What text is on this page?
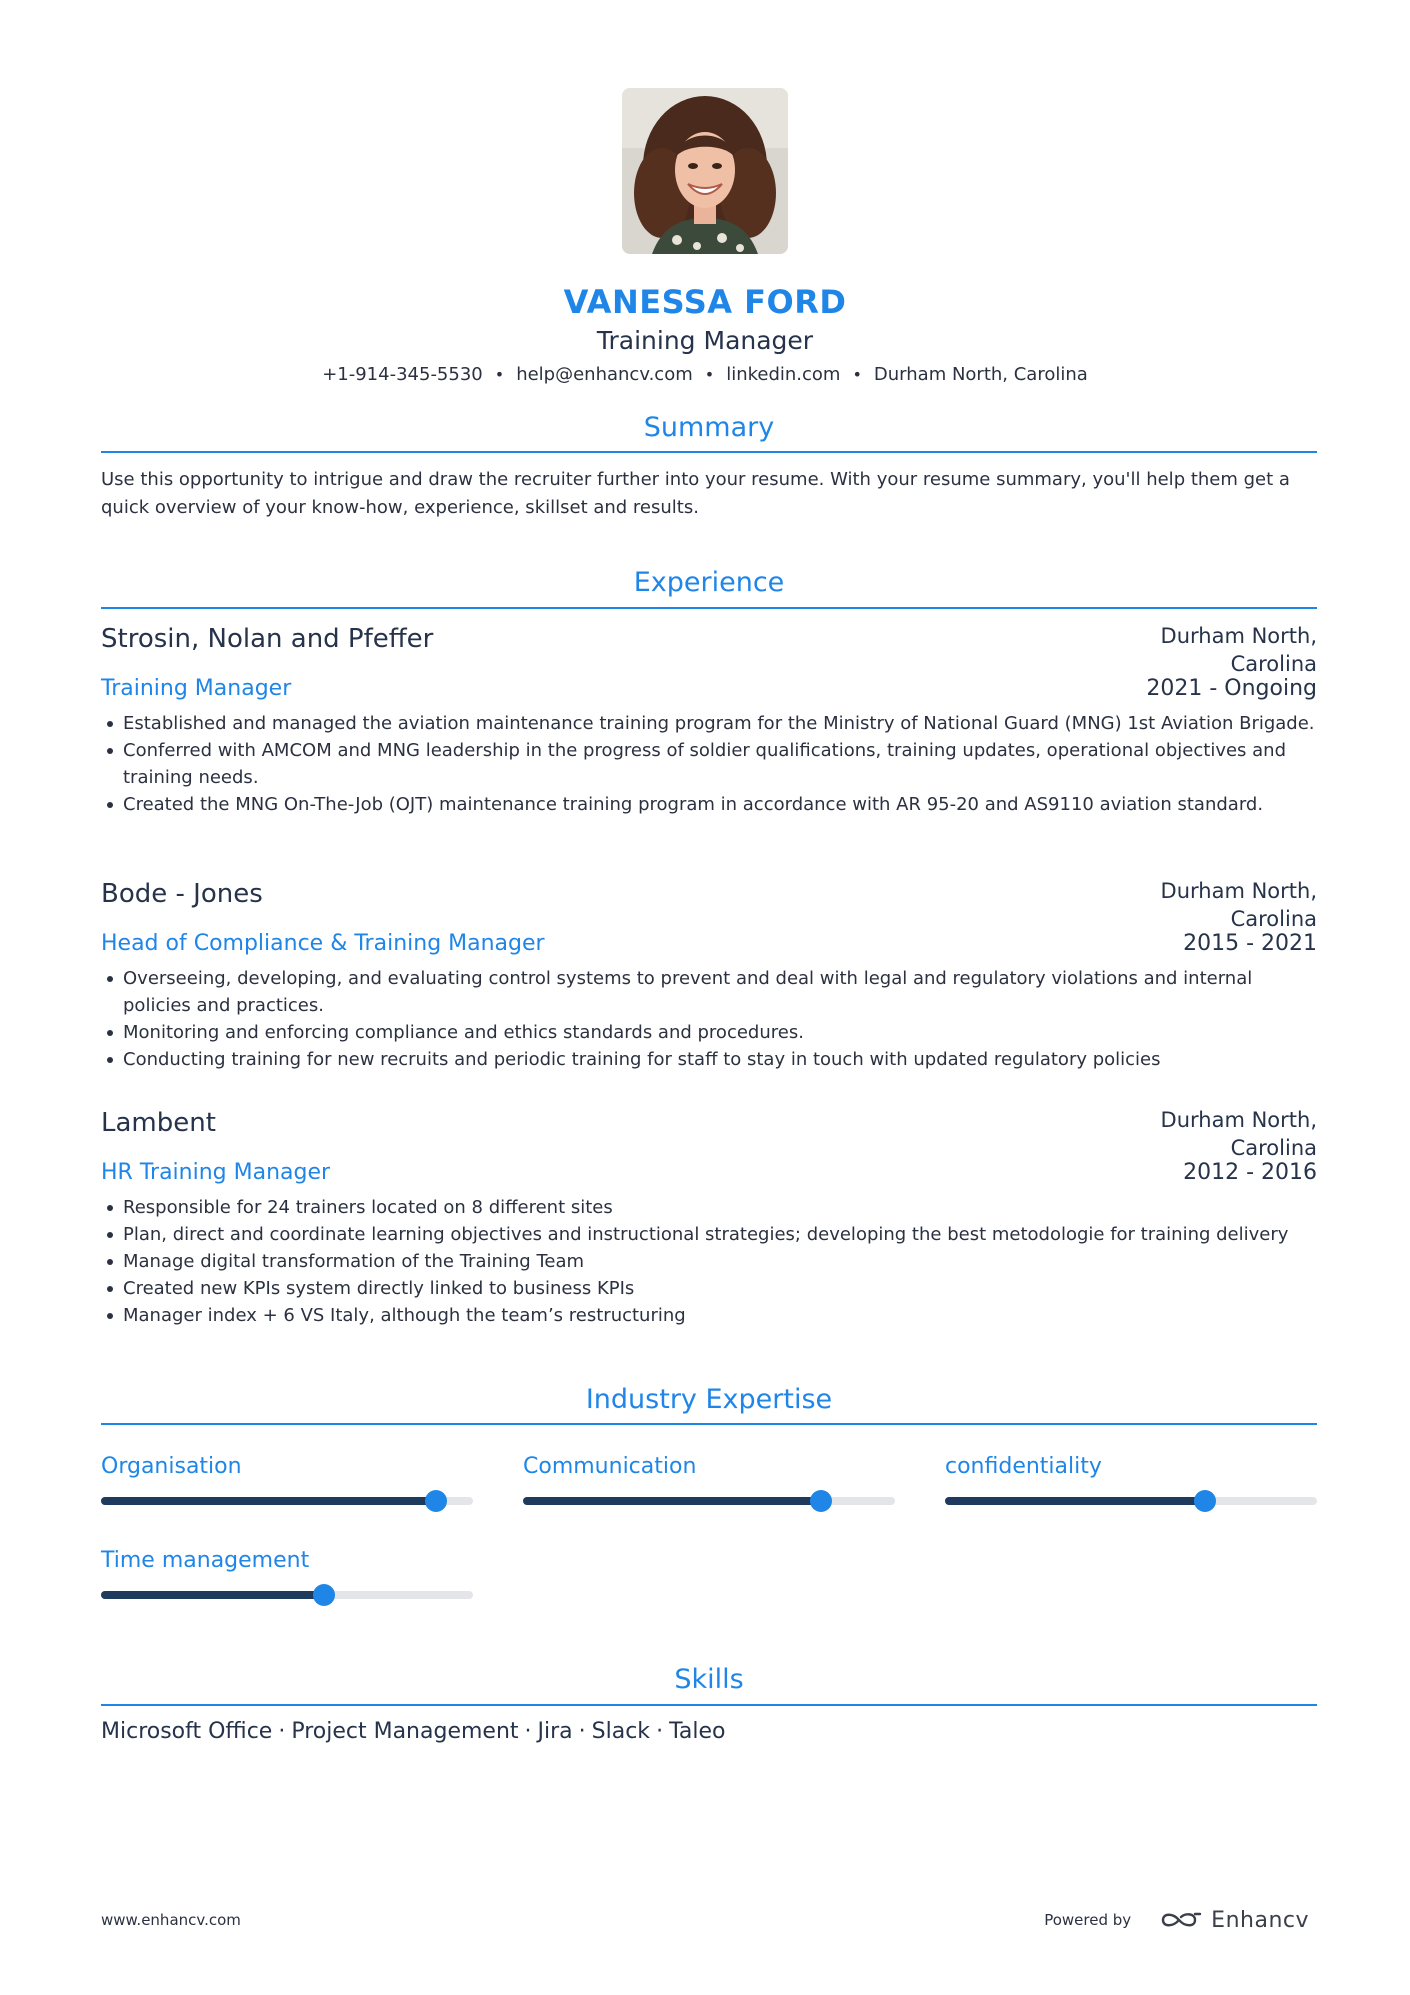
VANESSA FORD
Training Manager
+1-914-345-5530 • help@enhancv.com • linkedin.com • Durham North, Carolina
Summary
Use this opportunity to intrigue and draw the recruiter further into your resume. With your resume summary, you'll help them get a quick overview of your know-how, experience, skillset and results.
Experience
Strosin, Nolan and Pfeffer	Durham North,
Carolina
Training Manager	2021 - Ongoing
Established and managed the aviation maintenance training program for the Ministry of National Guard (MNG) 1st Aviation Brigade.
Conferred with AMCOM and MNG leadership in the progress of soldier qualifications, training updates, operational objectives and training needs.
Created the MNG On-The-Job (OJT) maintenance training program in accordance with AR 95-20 and AS9110 aviation standard.
Bode - Jones	Durham North,
Carolina
Head of Compliance & Training Manager	2015 - 2021
Overseeing, developing, and evaluating control systems to prevent and deal with legal and regulatory violations and internal policies and practices.
Monitoring and enforcing compliance and ethics standards and procedures.
Conducting training for new recruits and periodic training for staff to stay in touch with updated regulatory policies
Lambent	Durham North,
Carolina
HR Training Manager	2012 - 2016
Responsible for 24 trainers located on 8 different sites
Plan, direct and coordinate learning objectives and instructional strategies; developing the best metodologie for training delivery
Manage digital transformation of the Training Team
Created new KPIs system directly linked to business KPIs
Manager index + 6 VS Italy, although the team’s restructuring
Industry Expertise
Organisation	Communication	confidentiality
Time management
Skills
Microsoft Office · Project Management · Jira · Slack · Taleo
www.enhancv.com	Powered by	Enhancv
